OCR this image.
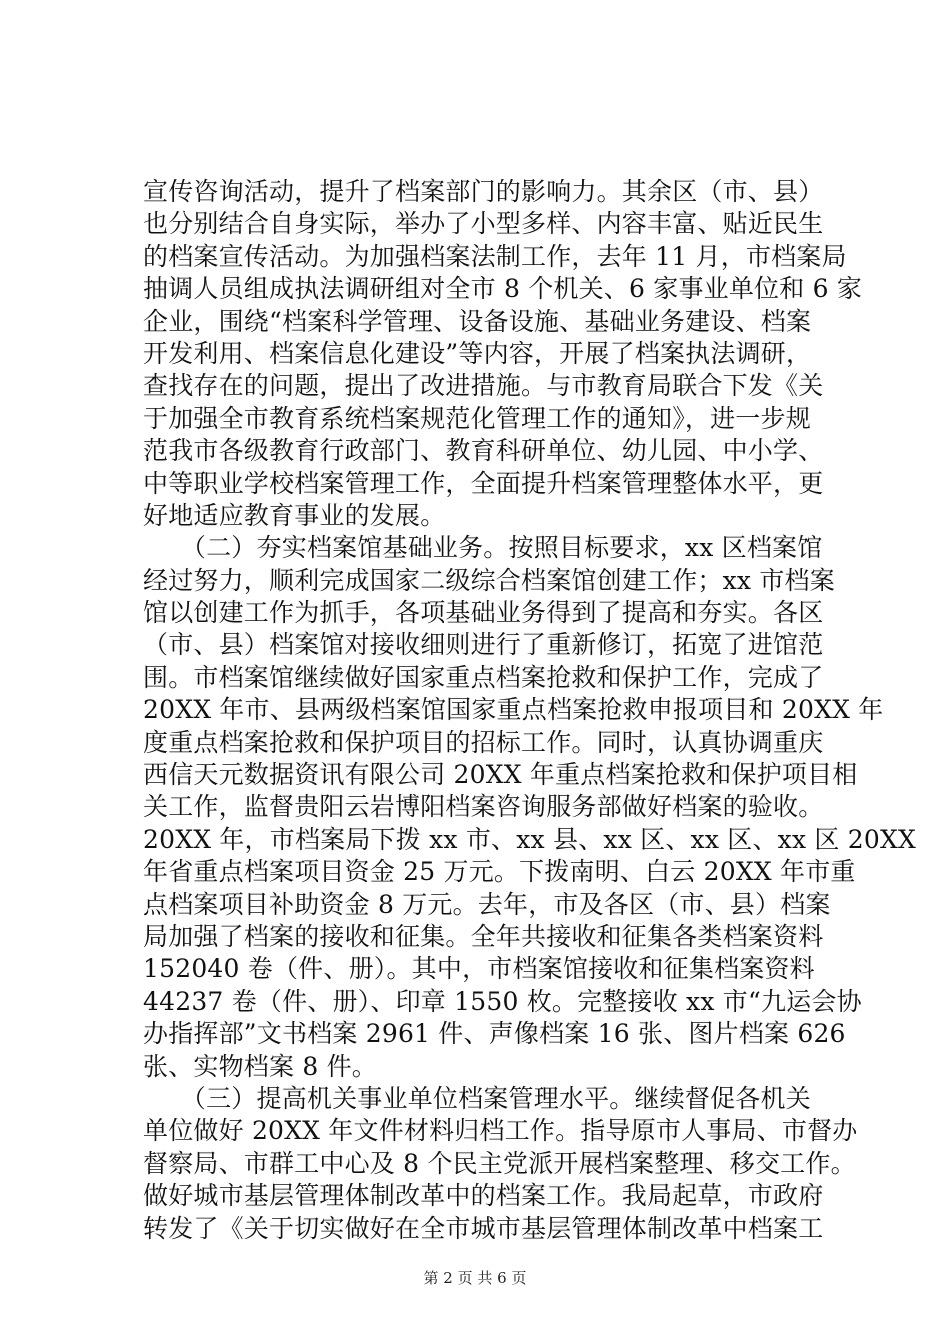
宣传咨询活动，提升了档案部门的影响力。其余区（市、县）
也分别结合自身实际，举办了小型多样、内容丰富、贴近民生
的档案宣传活动。为加强档案法制工作，去年 11 月，市档案局
抽调人员组成执法调研组对全市 8 个机关、6 家事业单位和 6 家
企业，围绕“档案科学管理、设备设施、基础业务建设、档案
开发利用、档案信息化建设”等内容，开展了档案执法调研，
查找存在的问题，提出了改进措施。与市教育局联合下发《关
于加强全市教育系统档案规范化管理工作的通知》，进一步规
范我市各级教育行政部门、教育科研单位、幼儿园、中小学、
中等职业学校档案管理工作，全面提升档案管理整体水平，更
好地适应教育事业的发展。
　　（二）夯实档案馆基础业务。按照目标要求，xx 区档案馆
经过努力，顺利完成国家二级综合档案馆创建工作；xx 市档案
馆以创建工作为抓手，各项基础业务得到了提高和夯实。各区
（市、县）档案馆对接收细则进行了重新修订，拓宽了进馆范
围。市档案馆继续做好国家重点档案抢救和保护工作，完成了
20XX 年市、县两级档案馆国家重点档案抢救申报项目和 20XX 年
度重点档案抢救和保护项目的招标工作。同时，认真协调重庆
西信天元数据资讯有限公司 20XX 年重点档案抢救和保护项目相
关工作，监督贵阳云岩博阳档案咨询服务部做好档案的验收。
20XX 年，市档案局下拨 xx 市、xx 县、xx 区、xx 区、xx 区 20XX
年省重点档案项目资金 25 万元。下拨南明、白云 20XX 年市重
点档案项目补助资金 8 万元。去年，市及各区（市、县）档案
局加强了档案的接收和征集。全年共接收和征集各类档案资料
152040 卷（件、册）。其中，市档案馆接收和征集档案资料
44237 卷（件、册）、印章 1550 枚。完整接收 xx 市“九运会协
办指挥部”文书档案 2961 件、声像档案 16 张、图片档案 626
张、实物档案 8 件。
　　（三）提高机关事业单位档案管理水平。继续督促各机关
单位做好 20XX 年文件材料归档工作。指导原市人事局、市督办
督察局、市群工中心及 8 个民主党派开展档案整理、移交工作。
做好城市基层管理体制改革中的档案工作。我局起草，市政府
转发了《关于切实做好在全市城市基层管理体制改革中档案工
第 2 页 共 6 页
